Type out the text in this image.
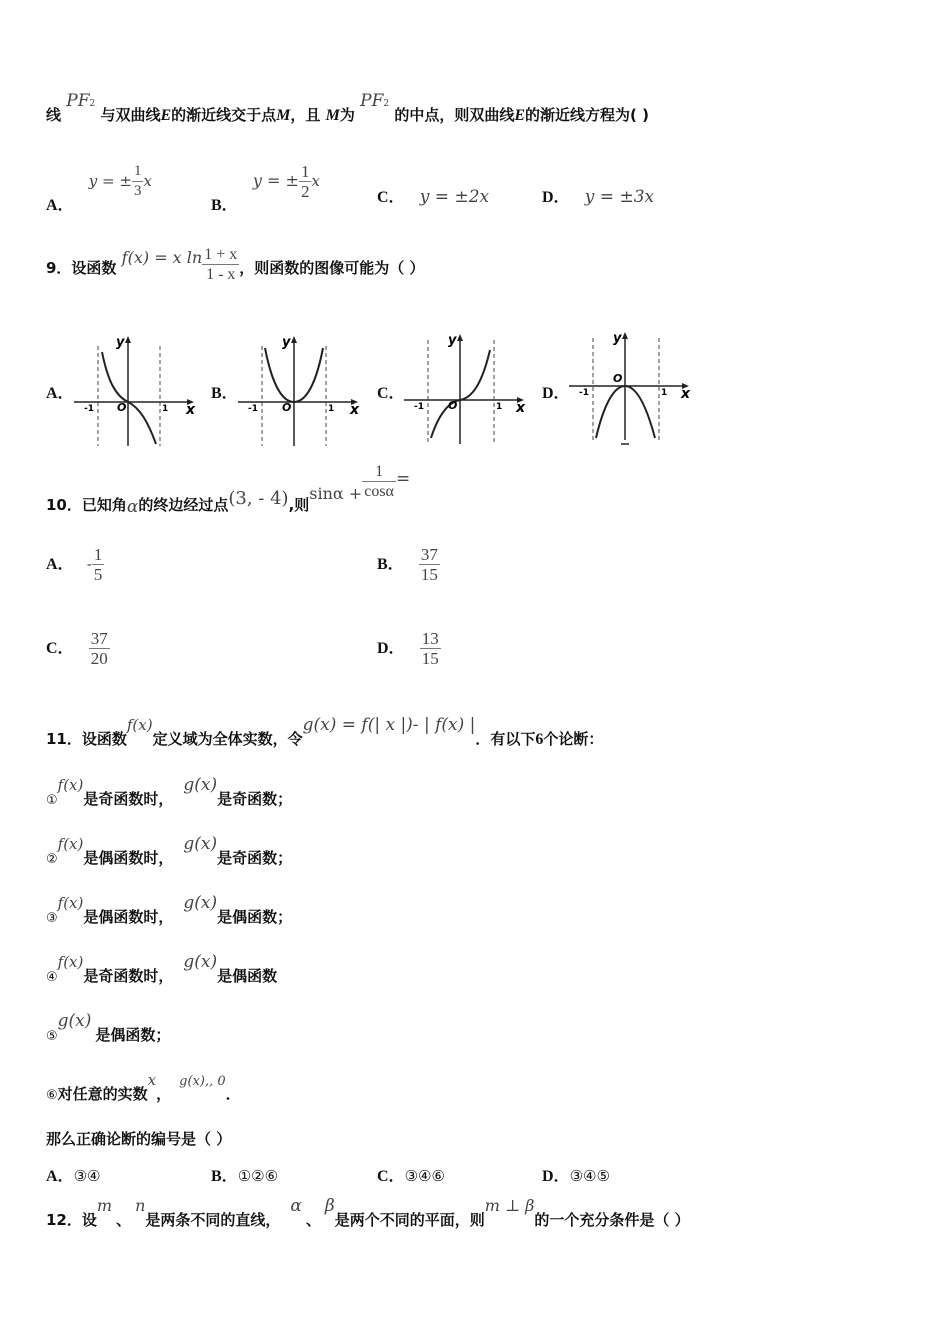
线 PF2 与双曲线E的渐近线交于点M，且 M为 PF2 的中点，则双曲线E的渐近线方程为( )
A． y = ± $\frac{1}{3}$ x
B． y = ± $\frac{1}{2}$ x
C． y = ±2x	D． y = ±3x
9．设函数 f(x) = x $\ln \frac{1 + x}{1 - x}$ ，则函数的图像可能为（ ）
A．	B．	C．	D．
y
x
O
-1	1
y
x
O
-1	1
y
x
O
-1	1
y
x
O
-1	1
10．已知角α的终边经过点(3, - 4),则$\sin\alpha + \frac{1}{\cos\alpha}$ =
A． - $\frac{1}{5}$	B． $\frac{37}{15}$
C． $\frac{37}{20}$	D． $\frac{13}{15}$
11．设函数f(x)定义域为全体实数，令g(x) = f(| x |)- | f(x) |．有以下6个论断：
①f(x)是奇函数时，g(x)是奇函数；
②f(x)是偶函数时，g(x)是奇函数；
③f(x)是偶函数时，g(x)是偶函数；
④f(x)是奇函数时，g(x)是偶函数
⑤g(x)是偶函数；
⑥对任意的实数x，g(x),, 0．
那么正确论断的编号是（ ）
A．③④	B．①②⑥	C．③④⑥	D．③④⑤
12．设m、n是两条不同的直线，α、β是两个不同的平面，则m ⊥ β的一个充分条件是（ ）
